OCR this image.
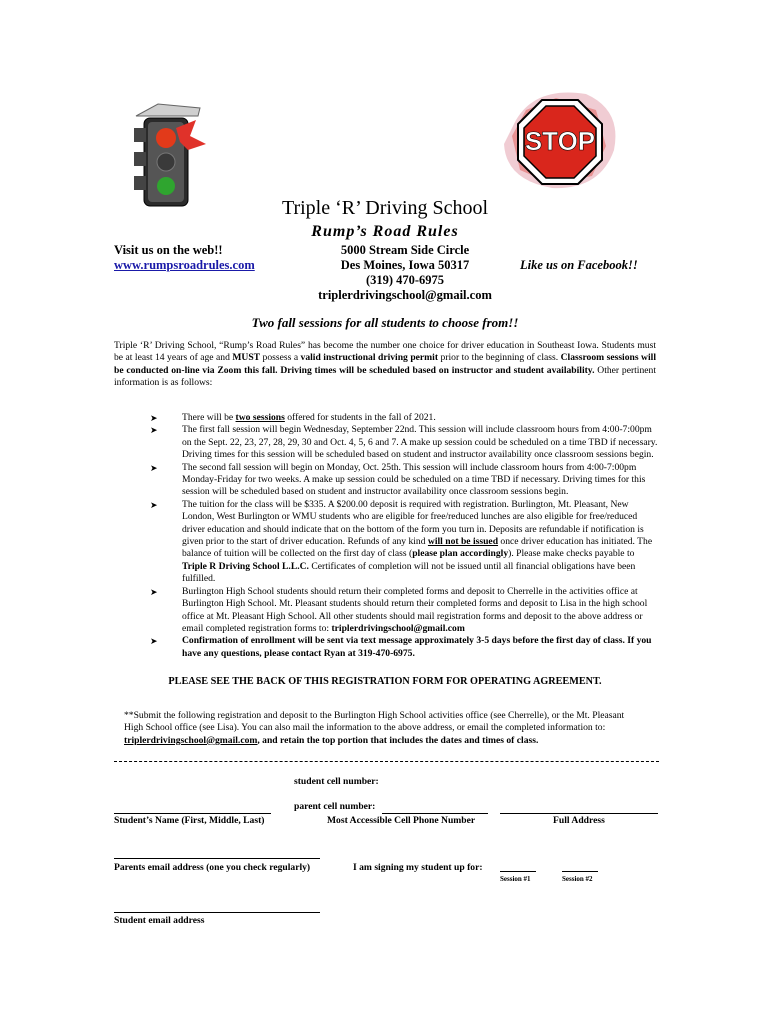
STOP
Triple ‘R’ Driving School
Rump’s Road Rules
Visit us on the web!!
www.rumpsroadrules.com
5000 Stream Side Circle
Des Moines, Iowa 50317
(319) 470-6975
triplerdrivingschool@gmail.com
Like us on Facebook!!
Two fall sessions for all students to choose from!!
Triple ‘R’ Driving School, “Rump’s Road Rules” has become the number one choice for driver education in Southeast Iowa. Students must be at least 14 years of age and MUST possess a valid instructional driving permit prior to the beginning of class. Classroom sessions will be conducted on-line via Zoom this fall. Driving times will be scheduled based on instructor and student availability. Other pertinent information is as follows:
➤	There will be two sessions offered for students in the fall of 2021.
➤	The first fall session will begin Wednesday, September 22nd. This session will include classroom hours from 4:00-7:00pm on the Sept. 22, 23, 27, 28, 29, 30 and Oct. 4, 5, 6 and 7. A make up session could be scheduled on a time TBD if necessary. Driving times for this session will be scheduled based on student and instructor availability once classroom sessions begin.
➤	The second fall session will begin on Monday, Oct. 25th. This session will include classroom hours from 4:00-7:00pm Monday-Friday for two weeks. A make up session could be scheduled on a time TBD if necessary. Driving times for this session will be scheduled based on student and instructor availability once classroom sessions begin.
➤	The tuition for the class will be $335. A $200.00 deposit is required with registration. Burlington, Mt. Pleasant, New London, West Burlington or WMU students who are eligible for free/reduced lunches are also eligible for free/reduced driver education and should indicate that on the bottom of the form you turn in. Deposits are refundable if notification is given prior to the start of driver education. Refunds of any kind will not be issued once driver education has initiated. The balance of tuition will be collected on the first day of class (please plan accordingly). Please make checks payable to Triple R Driving School L.L.C. Certificates of completion will not be issued until all financial obligations have been fulfilled.
➤	Burlington High School students should return their completed forms and deposit to Cherrelle in the activities office at Burlington High School. Mt. Pleasant students should return their completed forms and deposit to Lisa in the high school office at Mt. Pleasant High School. All other students should mail registration forms and deposit to the above address or email completed registration forms to: triplerdrivingschool@gmail.com
➤	Confirmation of enrollment will be sent via text message approximately 3-5 days before the first day of class. If you have any questions, please contact Ryan at 319-470-6975.
PLEASE SEE THE BACK OF THIS REGISTRATION FORM FOR OPERATING AGREEMENT.
**Submit the following registration and deposit to the Burlington High School activities office (see Cherrelle), or the Mt. Pleasant High School office (see Lisa). You can also mail the information to the above address, or email the completed information to: triplerdrivingschool@gmail.com, and retain the top portion that includes the dates and times of class.
student cell number:
parent cell number:
Student’s Name (First, Middle, Last)	Most Accessible Cell Phone Number	Full Address
Parents email address (one you check regularly)	I am signing my student up for:
Session #1	Session #2
Student email address
